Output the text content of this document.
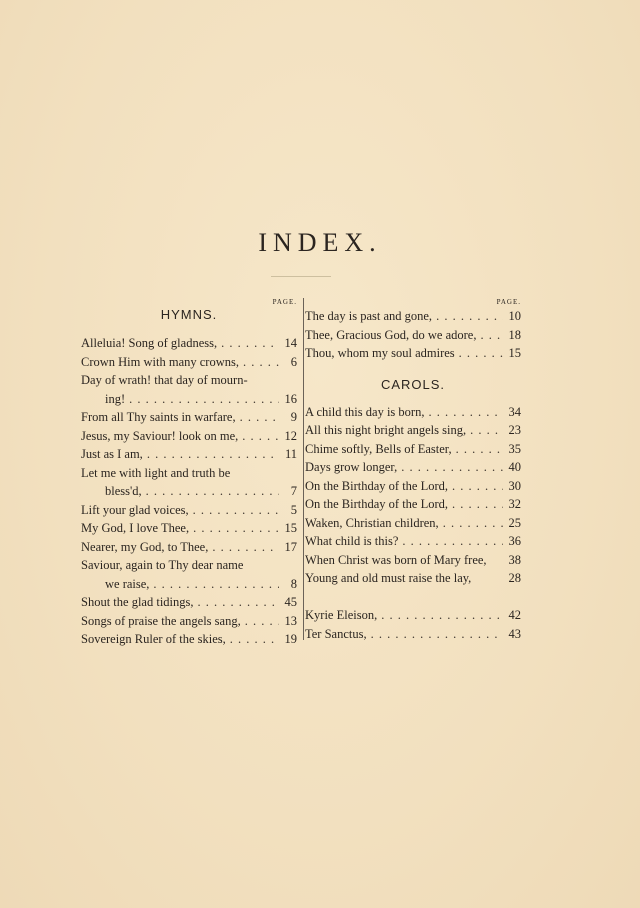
INDEX.
PAGE.
HYMNS.
Alleluia! Song of gladness, . . .	14
Crown Him with many crowns, . . .	6
Day of wrath! that day of mourn-
ing! . . .	16
From all Thy saints in warfare, . . .	9
Jesus, my Saviour! look on me, . . .	12
Just as I am, . . .	11
Let me with light and truth be
bless'd, . . .	7
Lift your glad voices, . . .	5
My God, I love Thee, . . .	15
Nearer, my God, to Thee, . . .	17
Saviour, again to Thy dear name
we raise, . . .	8
Shout the glad tidings, . . .	45
Songs of praise the angels sang, . . .	13
Sovereign Ruler of the skies, . . .	19
PAGE.
The day is past and gone, . . .	10
Thee, Gracious God, do we adore, . . .	18
Thou, whom my soul admires . . .	15
CAROLS.
A child this day is born, . . .	34
All this night bright angels sing, . . .	23
Chime softly, Bells of Easter, . . .	35
Days grow longer, . . .	40
On the Birthday of the Lord, . . .	30
On the Birthday of the Lord, . . .	32
Waken, Christian children, . . .	25
What child is this? . . .	36
When Christ was born of Mary free,	38
Young and old must raise the lay,	28
Kyrie Eleison, . . .	42
Ter Sanctus, . . .	43
